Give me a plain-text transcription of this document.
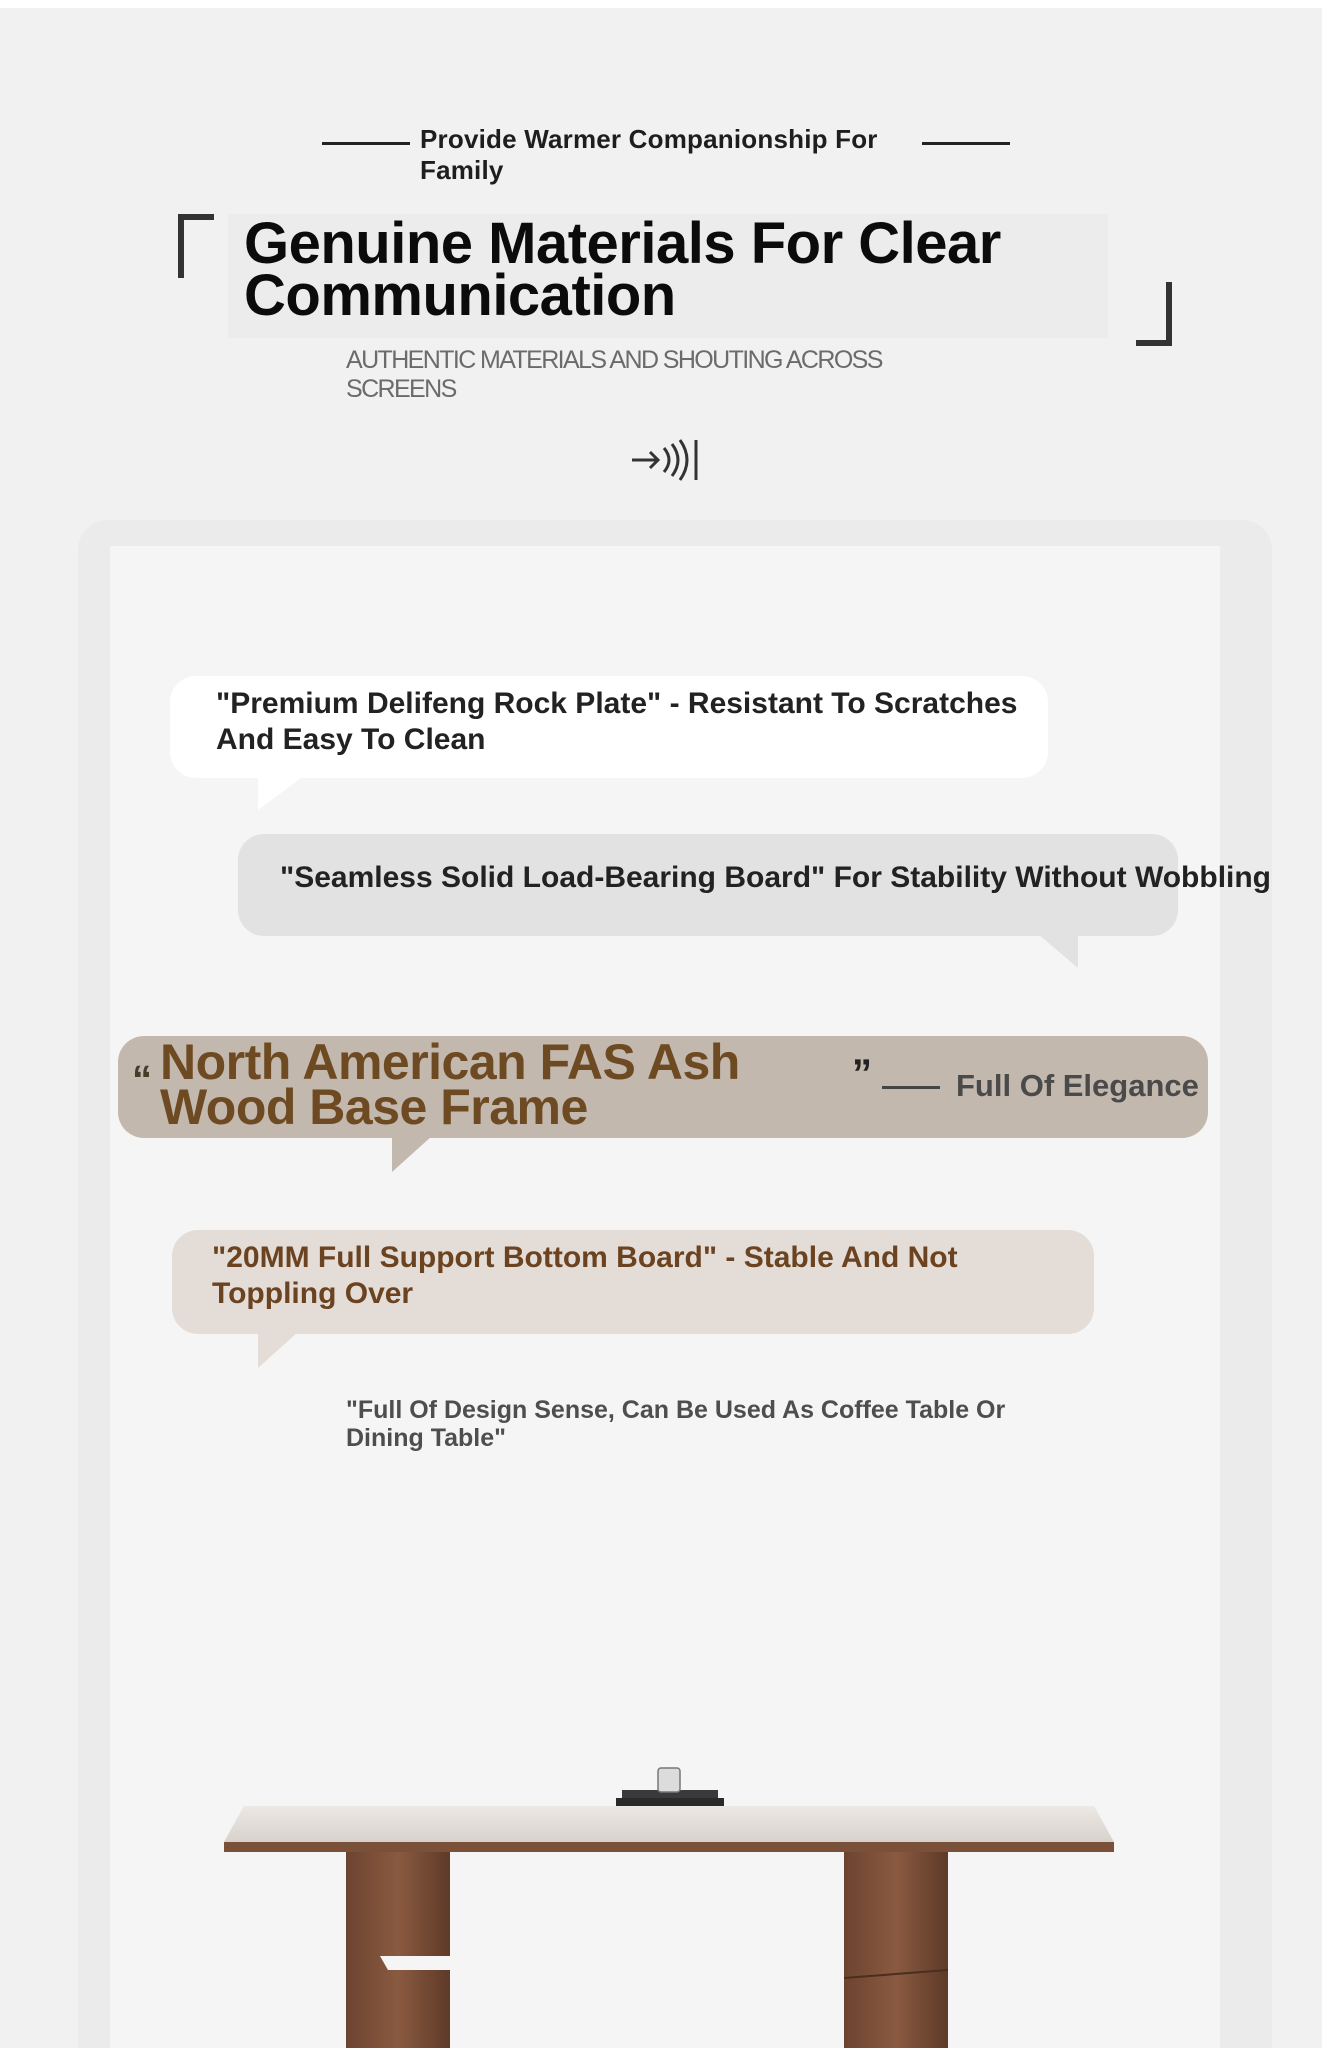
Provide Warmer Companionship For Family
Genuine Materials For Clear Communication
AUTHENTIC MATERIALS AND SHOUTING ACROSS SCREENS
"Premium Delifeng Rock Plate" - Resistant To Scratches And Easy To Clean
"Seamless Solid Load-Bearing Board" For Stability Without Wobbling
“ North American FAS Ash Wood Base Frame
”	Full Of Elegance
"20MM Full Support Bottom Board" - Stable And Not Toppling Over
"Full Of Design Sense, Can Be Used As Coffee Table Or Dining Table"
